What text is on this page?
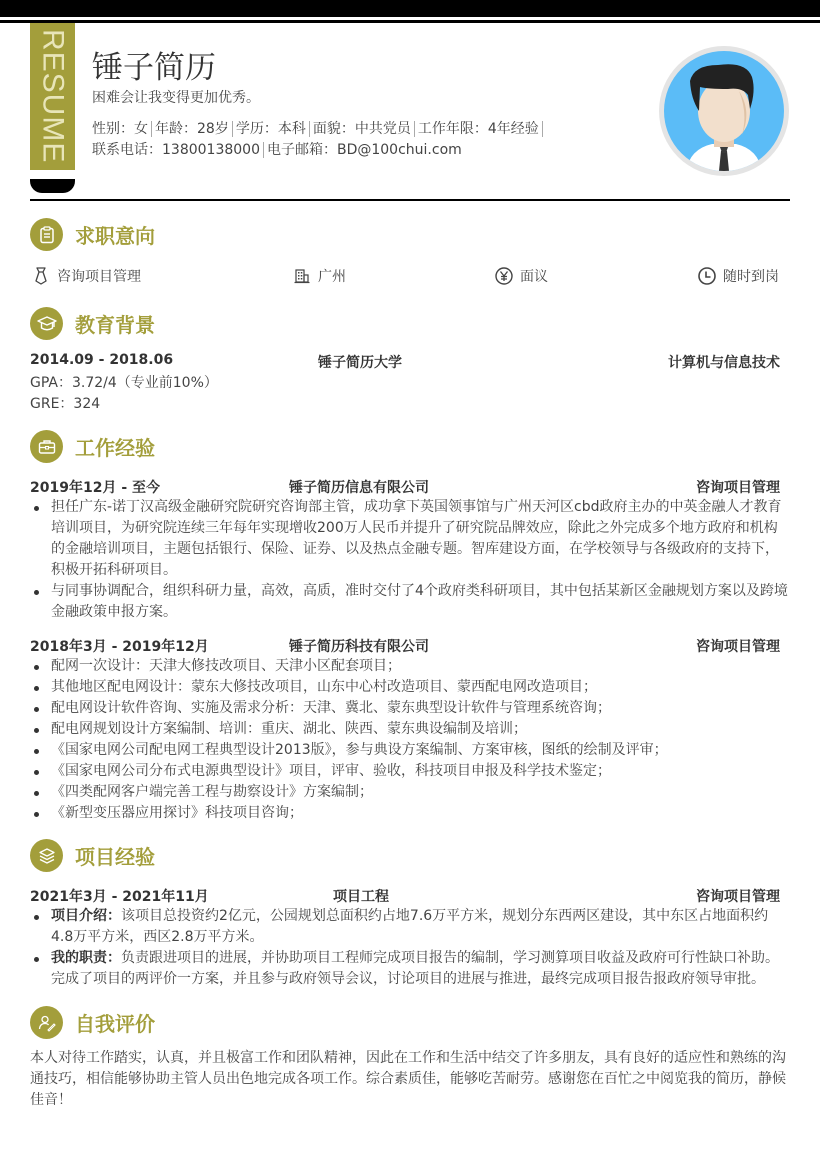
RESUME 锤子简历
困难会让我变得更加优秀。
性别：女 年龄：28岁 学历：本科 面貌：中共党员 工作年限：4年经验
联系电话：13800138000 电子邮箱：BD@100chui.com
求职意向
咨询项目管理	广州	面议	随时到岗
教育背景
2014.09 - 2018.06	锤子简历大学	计算机与信息技术
GPA：3.72/4（专业前10%）
GRE：324
工作经验
2019年12月 - 至今	锤子简历信息有限公司	咨询项目管理
担任广东-诺丁汉高级金融研究院研究咨询部主管，成功拿下英国领事馆与广州天河区cbd政府主办的中英金融人才教育培训项目，为研究院连续三年每年实现增收200万人民币并提升了研究院品牌效应，除此之外完成多个地方政府和机构的金融培训项目，主题包括银行、保险、证券、以及热点金融专题。智库建设方面，在学校领导与各级政府的支持下，积极开拓科研项目。
与同事协调配合，组织科研力量，高效，高质，准时交付了4个政府类科研项目，其中包括某新区金融规划方案以及跨境金融政策申报方案。
2018年3月 - 2019年12月	锤子简历科技有限公司	咨询项目管理
配网一次设计：天津大修技改项目、天津小区配套项目；
其他地区配电网设计：蒙东大修技改项目，山东中心村改造项目、蒙西配电网改造项目；
配电网设计软件咨询、实施及需求分析：天津、冀北、蒙东典型设计软件与管理系统咨询；
配电网规划设计方案编制、培训：重庆、湖北、陕西、蒙东典设编制及培训；
《国家电网公司配电网工程典型设计2013版》，参与典设方案编制、方案审核，图纸的绘制及评审；
《国家电网公司分布式电源典型设计》项目，评审、验收，科技项目申报及科学技术鉴定；
《四类配网客户端完善工程与勘察设计》方案编制；
《新型变压器应用探讨》科技项目咨询；
项目经验
2021年3月 - 2021年11月	项目工程	咨询项目管理
项目介绍：该项目总投资约2亿元，公园规划总面积约占地7.6万平方米，规划分东西两区建设，其中东区占地面积约4.8万平方米，西区2.8万平方米。
我的职责：负责跟进项目的进展，并协助项目工程师完成项目报告的编制，学习测算项目收益及政府可行性缺口补助。完成了项目的两评价一方案，并且参与政府领导会议，讨论项目的进展与推进，最终完成项目报告报政府领导审批。
自我评价
本人对待工作踏实，认真，并且极富工作和团队精神，因此在工作和生活中结交了许多朋友，具有良好的适应性和熟练的沟通技巧，相信能够协助主管人员出色地完成各项工作。综合素质佳，能够吃苦耐劳。感谢您在百忙之中阅览我的简历，静候佳音！
